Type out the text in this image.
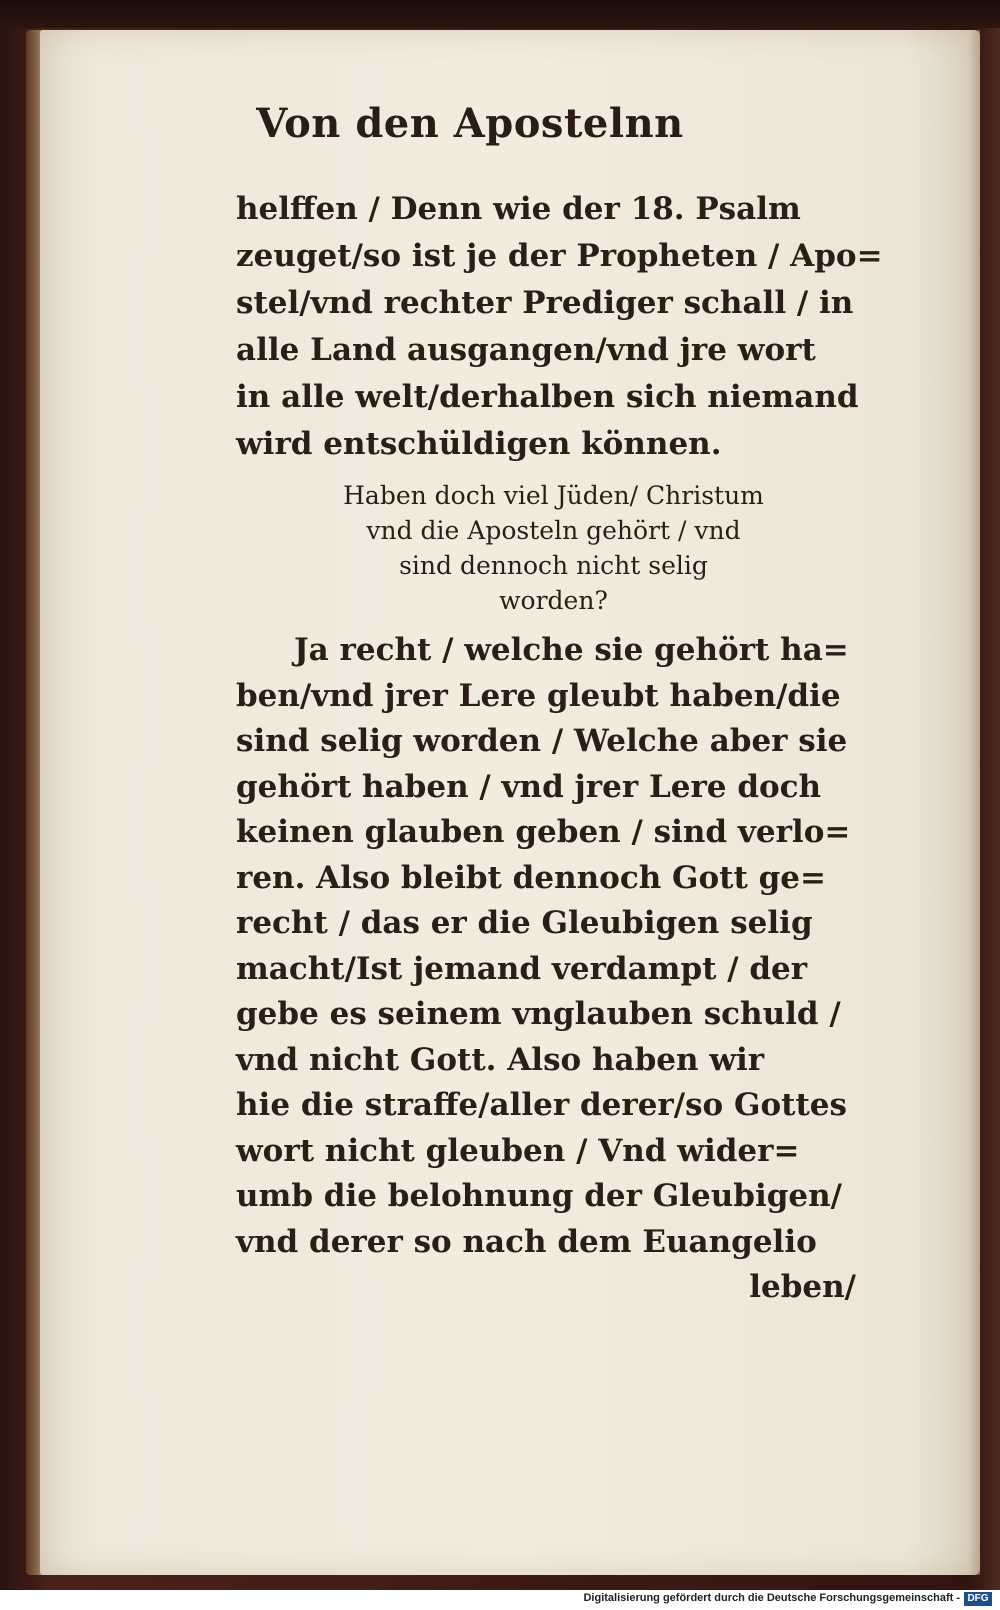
Von den Apostelnn
helffen / Denn wie der 18. Psalm
zeuget/so ist je der Propheten / Apo=
stel/vnd rechter Prediger schall / in
alle Land ausgangen/vnd jre wort
in alle welt/derhalben sich niemand
wird entschüldigen können.
Haben doch viel Jüden/ Christum
vnd die Aposteln gehört / vnd
sind dennoch nicht selig
worden?
Ja recht / welche sie gehört ha=
ben/vnd jrer Lere gleubt haben/die
sind selig worden / Welche aber sie
gehört haben / vnd jrer Lere doch
keinen glauben geben / sind verlo=
ren. Also bleibt dennoch Gott ge=
recht / das er die Gleubigen selig
macht/Ist jemand verdampt / der
gebe es seinem vnglauben schuld /
vnd nicht Gott. Also haben wir
hie die straffe/aller derer/so Gottes
wort nicht gleuben / Vnd wider=
umb die belohnung der Gleubigen/
vnd derer so nach dem Euangelio
leben/
Digitalisierung gefördert durch die Deutsche Forschungsgemeinschaft - DFG
